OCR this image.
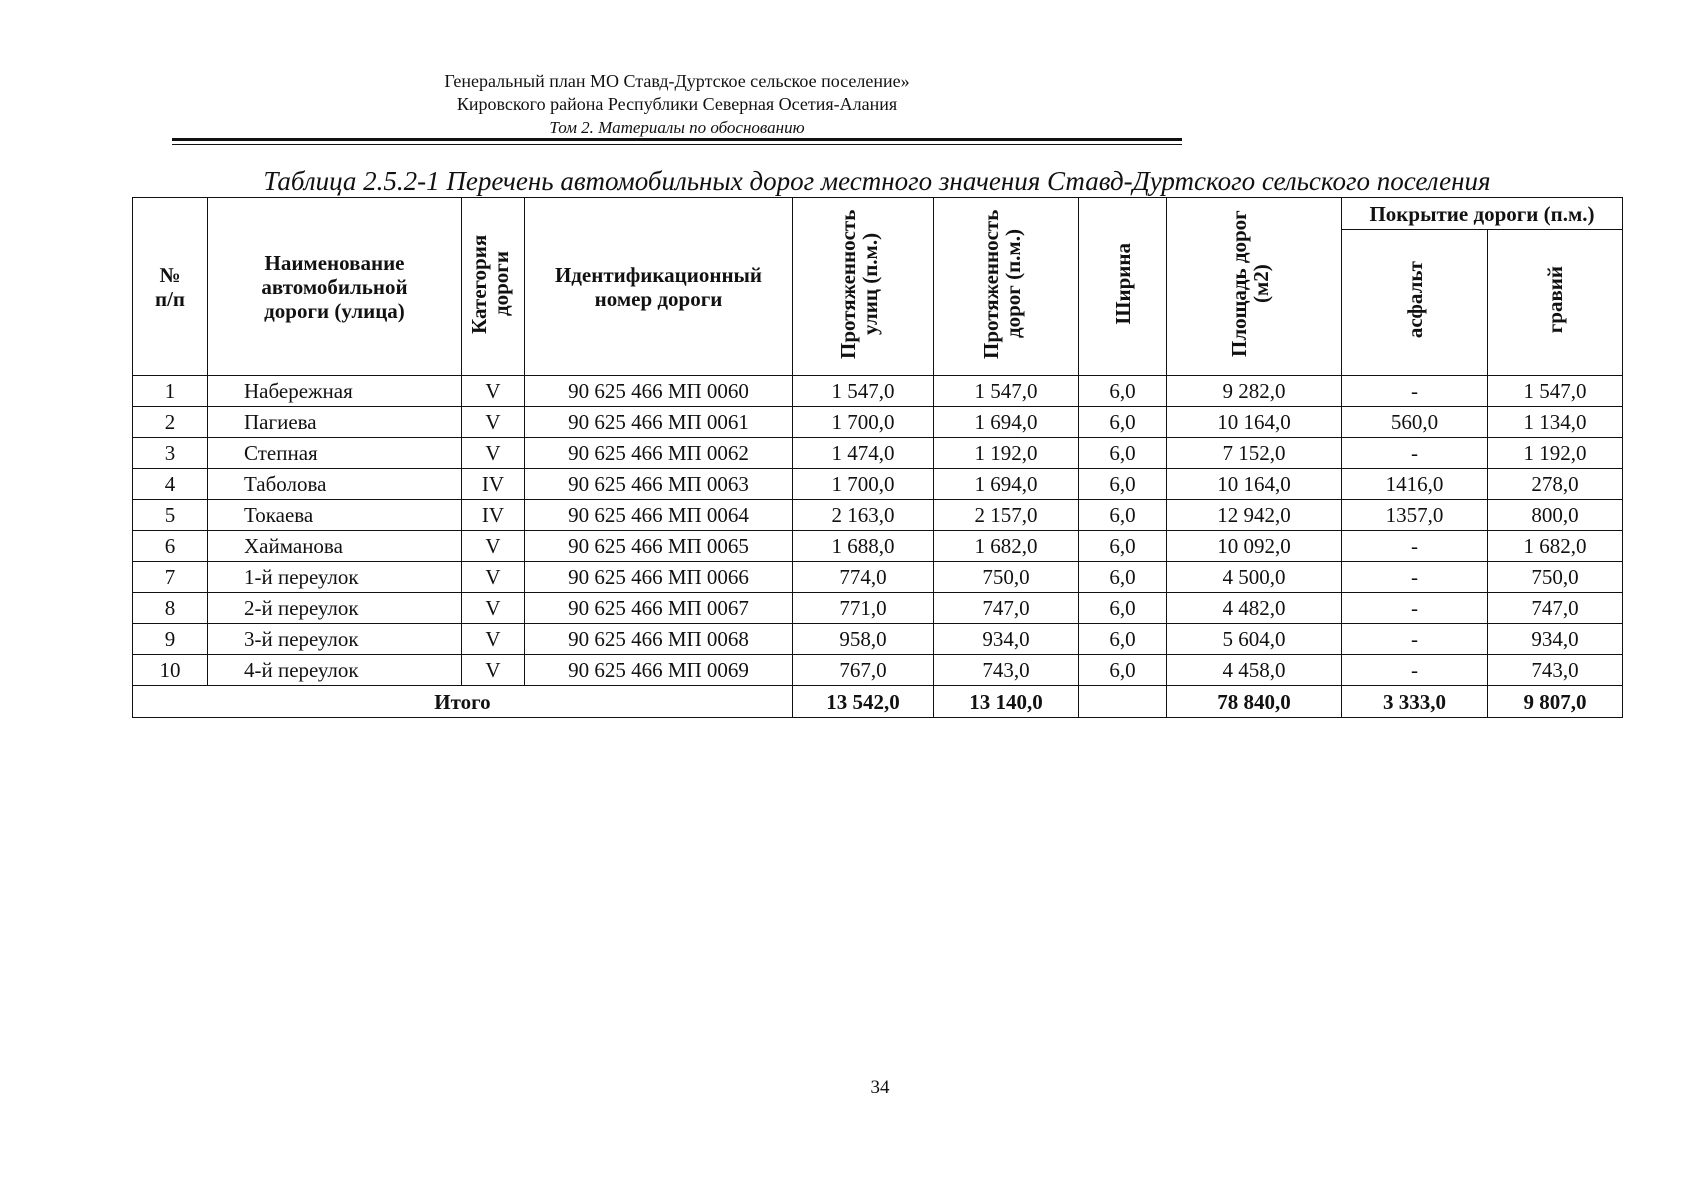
Генеральный план МО Ставд-Дуртское сельское поселение»
Кировского района Республики Северная Осетия-Алания
Том 2. Материалы по обоснованию
Таблица 2.5.2-1 Перечень автомобильных дорог местного значения Ставд-Дуртского сельского поселения
№ п/п	Наименование автомобильной дороги (улица)	Категория дороги	Идентификационный номер дороги	Протяженность улиц (п.м.)	Протяженность дорог (п.м.)	Ширина	Площадь дорог (м2)	Покрытие дороги (п.м.)	
								асфальт	гравий
1	Набережная	V	90 625 466 МП 0060	1 547,0	1 547,0	6,0	9 282,0	-	1 547,0
2	Пагиева	V	90 625 466 МП 0061	1 700,0	1 694,0	6,0	10 164,0	560,0	1 134,0
3	Степная	V	90 625 466 МП 0062	1 474,0	1 192,0	6,0	7 152,0	-	1 192,0
4	Таболова	IV	90 625 466 МП 0063	1 700,0	1 694,0	6,0	10 164,0	1416,0	278,0
5	Токаева	IV	90 625 466 МП 0064	2 163,0	2 157,0	6,0	12 942,0	1357,0	800,0
6	Хайманова	V	90 625 466 МП 0065	1 688,0	1 682,0	6,0	10 092,0	-	1 682,0
7	1-й переулок	V	90 625 466 МП 0066	774,0	750,0	6,0	4 500,0	-	750,0
8	2-й переулок	V	90 625 466 МП 0067	771,0	747,0	6,0	4 482,0	-	747,0
9	3-й переулок	V	90 625 466 МП 0068	958,0	934,0	6,0	5 604,0	-	934,0
10	4-й переулок	V	90 625 466 МП 0069	767,0	743,0	6,0	4 458,0	-	743,0
Итого				13 542,0	13 140,0		78 840,0	3 333,0	9 807,0
34
